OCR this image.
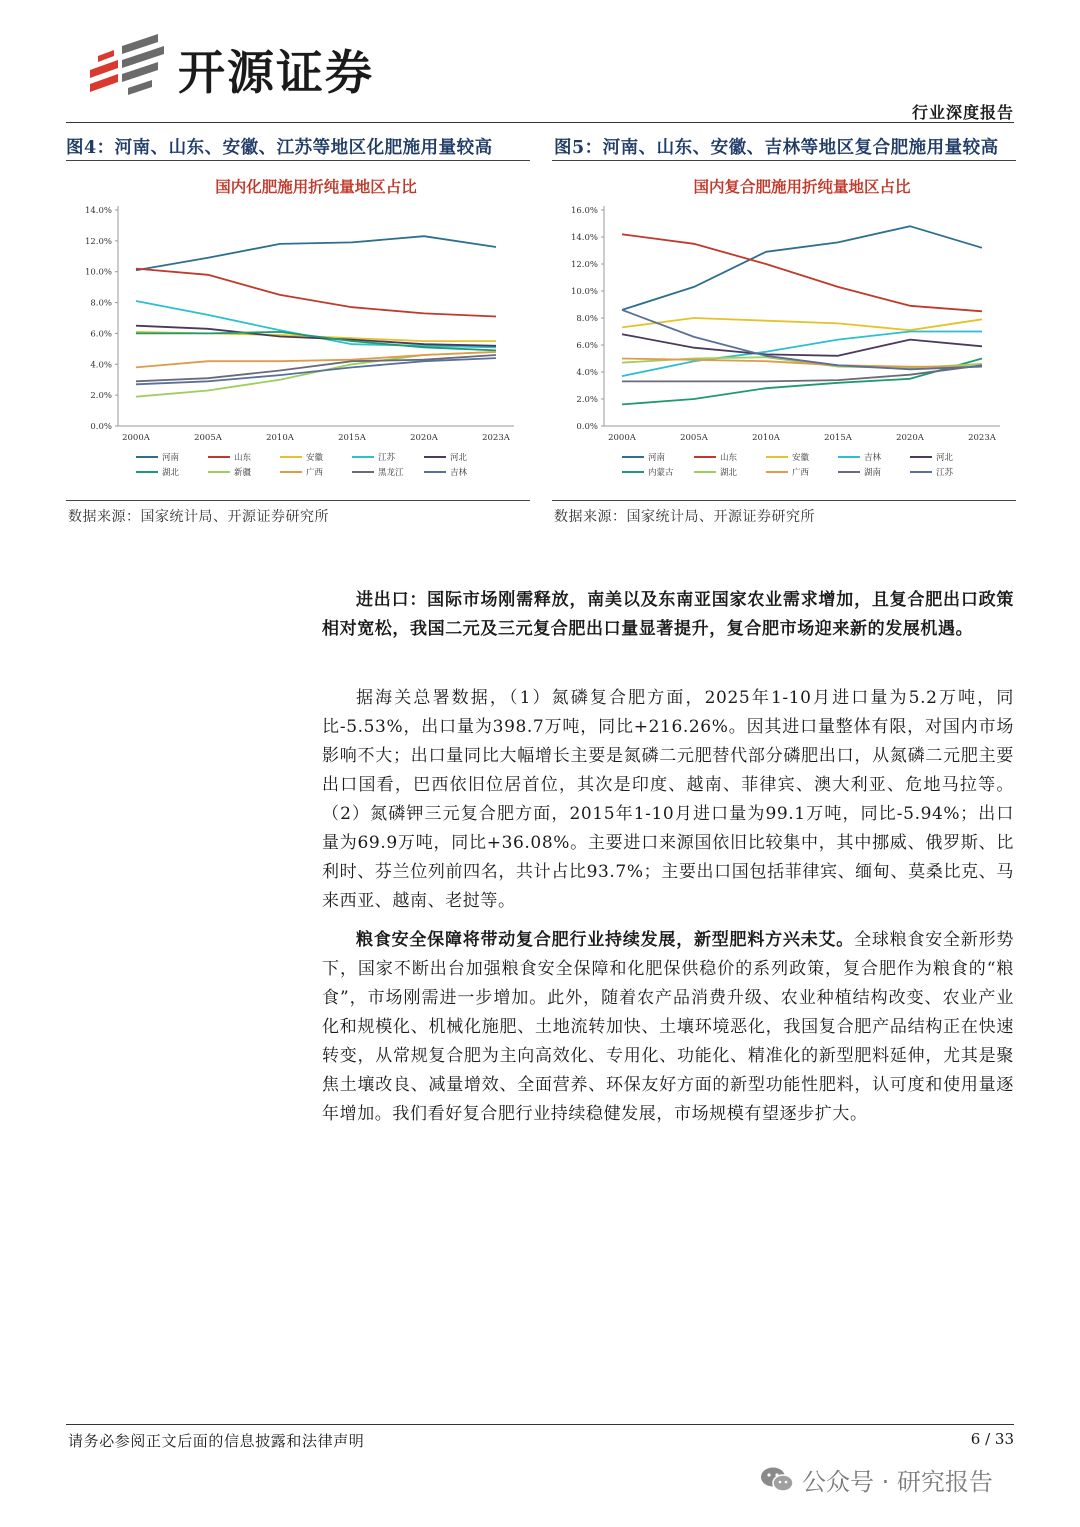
开源证券
行业深度报告
图4：河南、山东、安徽、江苏等地区化肥施用量较高
国内化肥施用折纯量地区占比
0.0%
2.0%
4.0%
6.0%
8.0%
10.0%
12.0%
14.0%
2000A	2005A	2010A	2015A	2020A	2023A
河南	山东	安徽	江苏	河北
湖北	新疆	广西	黑龙江	吉林
数据来源：国家统计局、开源证券研究所
图5：河南、山东、安徽、吉林等地区复合肥施用量较高
国内复合肥施用折纯量地区占比
0.0%
2.0%
4.0%
6.0%
8.0%
10.0%
12.0%
14.0%
16.0%
2000A	2005A	2010A	2015A	2020A	2023A
河南	山东	安徽	吉林	河北
内蒙古	湖北	广西	湖南	江苏
数据来源：国家统计局、开源证券研究所

进出口：国际市场刚需释放，南美以及东南亚国家农业需求增加，且复合肥出口政策相对宽松，我国二元及三元复合肥出口量显著提升，复合肥市场迎来新的发展机遇。

据海关总署数据，（1）氮磷复合肥方面，2025年1-10月进口量为5.2万吨，同比-5.53%，出口量为398.7万吨，同比+216.26%。因其进口量整体有限，对国内市场影响不大；出口量同比大幅增长主要是氮磷二元肥替代部分磷肥出口，从氮磷二元肥主要出口国看，巴西依旧位居首位，其次是印度、越南、菲律宾、澳大利亚、危地马拉等。（2）氮磷钾三元复合肥方面，2015年1-10月进口量为99.1万吨，同比-5.94%；出口量为69.9万吨，同比+36.08%。主要进口来源国依旧比较集中，其中挪威、俄罗斯、比利时、芬兰位列前四名，共计占比93.7%；主要出口国包括菲律宾、缅甸、莫桑比克、马来西亚、越南、老挝等。

粮食安全保障将带动复合肥行业持续发展，新型肥料方兴未艾。全球粮食安全新形势下，国家不断出台加强粮食安全保障和化肥保供稳价的系列政策，复合肥作为粮食的“粮食”，市场刚需进一步增加。此外，随着农产品消费升级、农业种植结构改变、农业产业化和规模化、机械化施肥、土地流转加快、土壤环境恶化，我国复合肥产品结构正在快速转变，从常规复合肥为主向高效化、专用化、功能化、精准化的新型肥料延伸，尤其是聚焦土壤改良、减量增效、全面营养、环保友好方面的新型功能性肥料，认可度和使用量逐年增加。我们看好复合肥行业持续稳健发展，市场规模有望逐步扩大。

请务必参阅正文后面的信息披露和法律声明	6 / 33
公众号 · 研究报告
